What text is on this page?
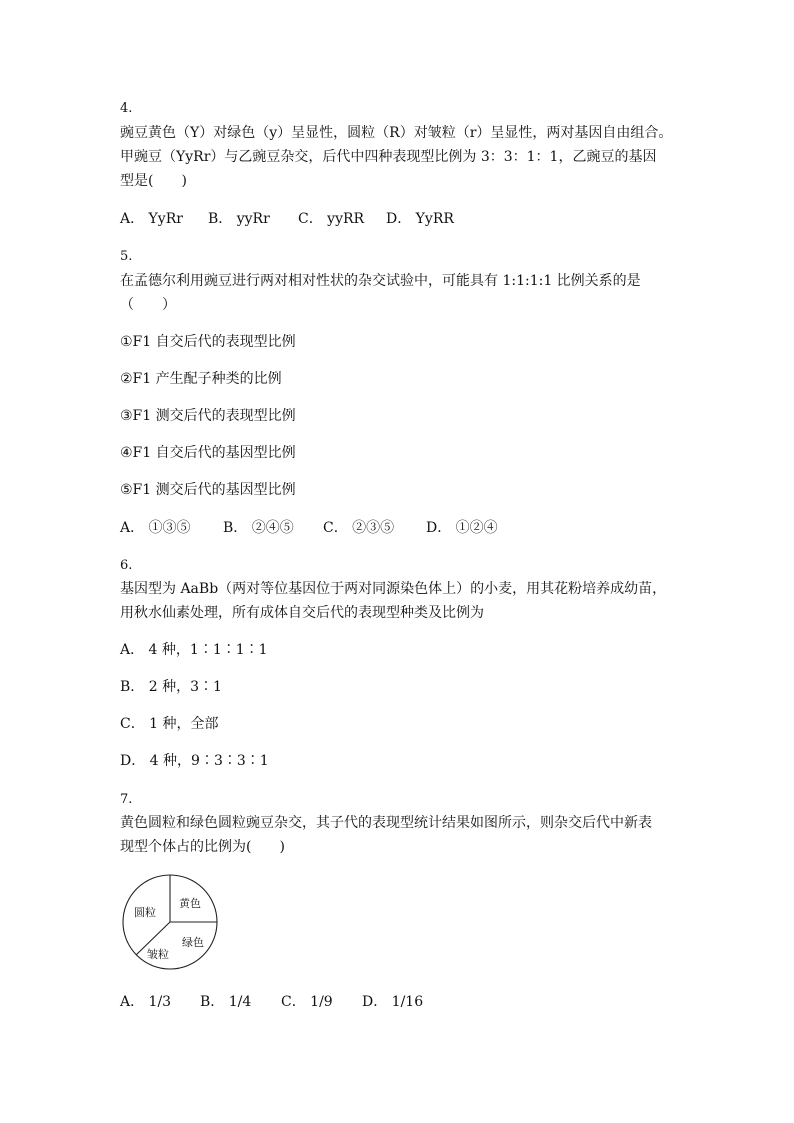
4.
豌豆黄色（Y）对绿色（y）呈显性，圆粒（R）对皱粒（r）呈显性，两对基因自由组合。
甲豌豆（YyRr）与乙豌豆杂交，后代中四种表现型比例为 3：3：1：1，乙豌豆的基因
型是(　　)
A． YyRr B． yyRr C． yyRR D． YyRR
5.
在孟德尔利用豌豆进行两对相对性状的杂交试验中，可能具有 1:1:1:1 比例关系的是
（　　）
①F1 自交后代的表现型比例
②F1 产生配子种类的比例
③F1 测交后代的表现型比例
④F1 自交后代的基因型比例
⑤F1 测交后代的基因型比例
A． ①③⑤ B． ②④⑤ C． ②③⑤ D． ①②④
6.
基因型为 AaBb（两对等位基因位于两对同源染色体上）的小麦，用其花粉培养成幼苗，
用秋水仙素处理，所有成体自交后代的表现型种类及比例为
A． 4 种，1∶1∶1∶1
B． 2 种，3∶1
C． 1 种，全部
D． 4 种，9∶3∶3∶1
7.
黄色圆粒和绿色圆粒豌豆杂交，其子代的表现型统计结果如图所示，则杂交后代中新表
现型个体占的比例为(　　)
圆粒
黄色
绿色
皱粒
A． 1/3 B． 1/4 C． 1/9 D． 1/16
